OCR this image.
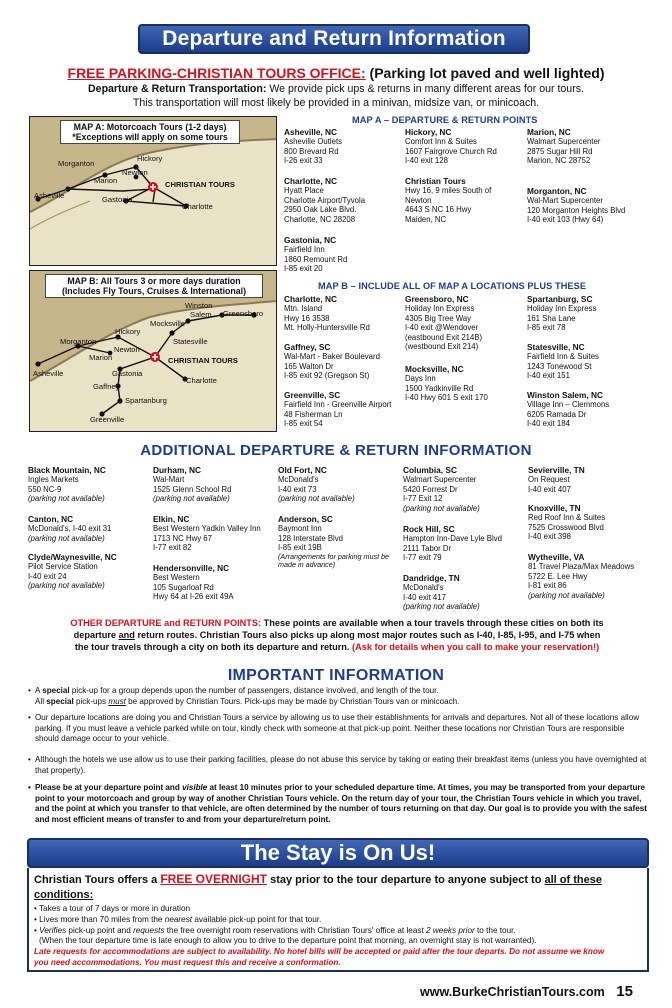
Departure and Return Information
FREE PARKING-CHRISTIAN TOURS OFFICE: (Parking lot paved and well lighted)
Departure & Return Transportation: We provide pick ups & returns in many different areas for our tours.
This transportation will most likely be provided in a minivan, midsize van, or minicoach.
MAP A: Motorcoach Tours (1-2 days)
*Exceptions will apply on some tours
Morganton
Hickory
Newton
Marion
Asheville	Gastonia
Charlotte
CHRISTIAN TOURS
MAP B: All Tours 3 or more days duration
(Includes Fly Tours, Cruises & International)
Winston
Salem Greensboro
Mocksville
Hickory
Statesville
Morganton
Newton
Marion
Asheville	Gastonia
Gaffney
Charlotte
Spartanburg
Greenville
CHRISTIAN TOURS
MAP A – DEPARTURE & RETURN POINTS
Asheville, NC
Asheville Outlets
800 Brevard Rd
I-26 exit 33
Charlotte, NC
Hyatt Place
Charlotte Airport/Tyvola
2950 Oak Lake Blvd.
Charlotte, NC 28208
Gastonia, NC
Fairfield Inn
1860 Remount Rd
I-85 exit 20
Hickory, NC
Comfort Inn & Suites
1607 Fairgrove Church Rd
I-40 exit 128
Christian Tours
Hwy 16, 9 miles South of
Newton
4643 S NC 16 Hwy
Maiden, NC
Marion, NC
Walmart Supercenter
2875 Sugar Hill Rd
Marion, NC 28752
Morganton, NC
Wal-Mart Supercenter
120 Morganton Heights Blvd
I-40 exit 103 (Hwy 64)
MAP B – INCLUDE ALL OF MAP A LOCATIONS PLUS THESE
Charlotte, NC
Mtn. Island
Hwy 16 3538
Mt. Holly-Huntersville Rd
Gaffney, SC
Wal-Mart - Baker Boulevard
165 Walton Dr
I-85 exit 92 (Gregson St)
Greenville, SC
Fairfield Inn - Greenville Airport
48 Fisherman Ln
I-85 exit 54
Greensboro, NC
Holiday Inn Express
4305 Big Tree Way
I-40 exit @Wendover
(eastbound Exit 214B)
(westbound Exit 214)
Mocksville, NC
Days Inn
1500 Yadkinville Rd
I-40 Hwy 601 S exit 170
Spartanburg, SC
Holiday Inn Express
161 Sha Lane
I-85 exit 78
Statesville, NC
Fairfield Inn & Suites
1243 Tonewood St
I-40 exit 151
Winston Salem, NC
Village Inn – Clemmons
6205 Ramada Dr
I-40 exit 184
ADDITIONAL DEPARTURE & RETURN INFORMATION
Black Mountain, NC
Ingles Markets
550 NC-9
(parking not available)
Canton, NC
McDonald's, I-40 exit 31
(parking not available)
Clyde/Waynesville, NC
Pilot Service Station
I-40 exit 24
(parking not available)
Durham, NC
Wal-Mart
1525 Glenn School Rd
(parking not available)
Elkin, NC
Best Western Yadkin Valley Inn
1713 NC Hwy 67
I-77 exit 82
Hendersonville, NC
Best Western
105 Sugarloaf Rd
Hwy 64 at I-26 exit 49A
Old Fort, NC
McDonald's
I-40 exit 73
(parking not available)
Anderson, SC
Baymont Inn
128 Interstate Blvd
I-85 exit 19B

(Arrangements for parking must be made in advance)
Columbia, SC
Walmart Supercenter
5420 Forrest Dr
I-77 Exit 12
(parking not available)
Rock Hill, SC
Hampton Inn-Dave Lyle Blvd
2111 Tabor Dr
I-77 exit 79
Dandridge, TN
McDonald's
I-40 exit 417
(parking not available)
Sevierville, TN
On Request
I-40 exit 407
Knoxville, TN
Red Roof Inn & Suites
7525 Crosswood Blvd
I-40 exit 398
Wytheville, VA
81 Travel Plaza/Max Meadows
5722 E. Lee Hwy
I-81 exit 86
(parking not available)
OTHER DEPARTURE and RETURN POINTS: These points are available when a tour travels through these cities on both its
departure and return routes. Christian Tours also picks up along most major routes such as I-40, I-85, I-95, and I-75 when
the tour travels through a city on both its departure and return. (Ask for details when you call to make your reservation!)
IMPORTANT INFORMATION
• A special pick-up for a group depends upon the number of passengers, distance involved, and length of the tour.
All special pick-ups must be approved by Christian Tours. Pick-ups may be made by Christian Tours van or minicoach.
• Our departure locations are doing you and Christian Tours a service by allowing us to use their establishments for arrivals and departures. Not all of these locations allow parking. If you must leave a vehicle parked while on tour, kindly check with someone at that pick-up point. Neither these locations nor Christian Tours are responsible should damage occur to your vehicle.
• Although the hotels we use allow us to use their parking facilities, please do not abuse this service by taking or eating their breakfast items (unless you have overnighted at that property).
• Please be at your departure point and visible at least 10 minutes prior to your scheduled departure time. At times, you may be transported from your departure point to your motorcoach and group by way of another Christian Tours vehicle. On the return day of your tour, the Christian Tours vehicle in which you travel, and the point at which you transfer to that vehicle, are often determined by the number of tours returning on that day. Our goal is to provide you with the safest and most efficient means of transfer to and from your departure/return point.
The Stay is On Us!
Christian Tours offers a FREE OVERNIGHT stay prior to the tour departure to anyone subject to all of these conditions:
• Takes a tour of 7 days or more in duration
• Lives more than 70 miles from the nearest available pick-up point for that tour.
• Verifies pick-up point and requests the free overnight room reservations with Christian Tours' office at least 2 weeks prior to the tour.
(When the tour departure time is late enough to allow you to drive to the departure point that morning, an overnight stay is not warranted).
Late requests for accommodations are subject to availability. No hotel bills will be accepted or paid after the tour departs. Do not assume we know
you need accommodations. You must request this and receive a conformation.
www.BurkeChristianTours.com 15
